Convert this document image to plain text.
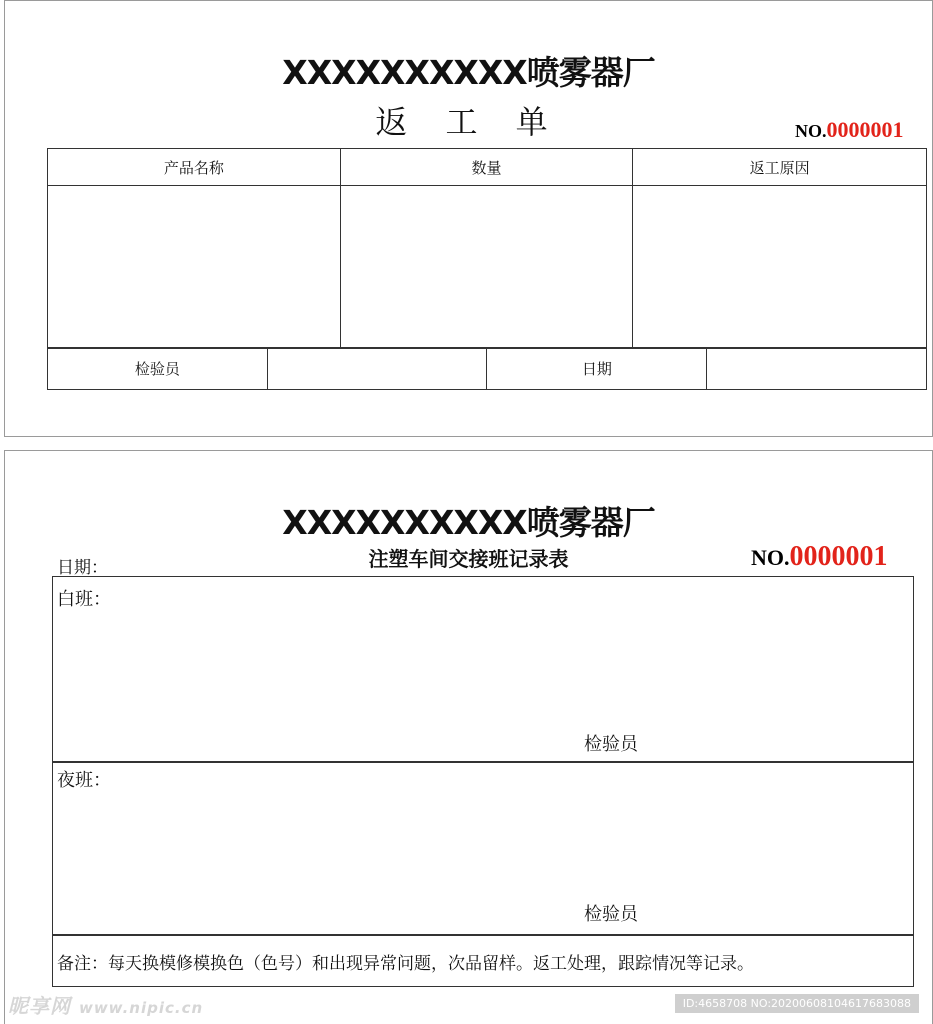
XXXXXXXXXX喷雾器厂
返 工 单	NO.0000001
产品名称	数量	返工原因

检验员		日期	
XXXXXXXXXX喷雾器厂
注塑车间交接班记录表
日期：	NO.0000001
白班：
检验员
夜班：
检验员
备注：每天换模修模换色（色号）和出现异常问题，次品留样。返工处理，跟踪情况等记录。
昵享网 www.nipic.cn	ID:4658708 NO:20200608104617683088
